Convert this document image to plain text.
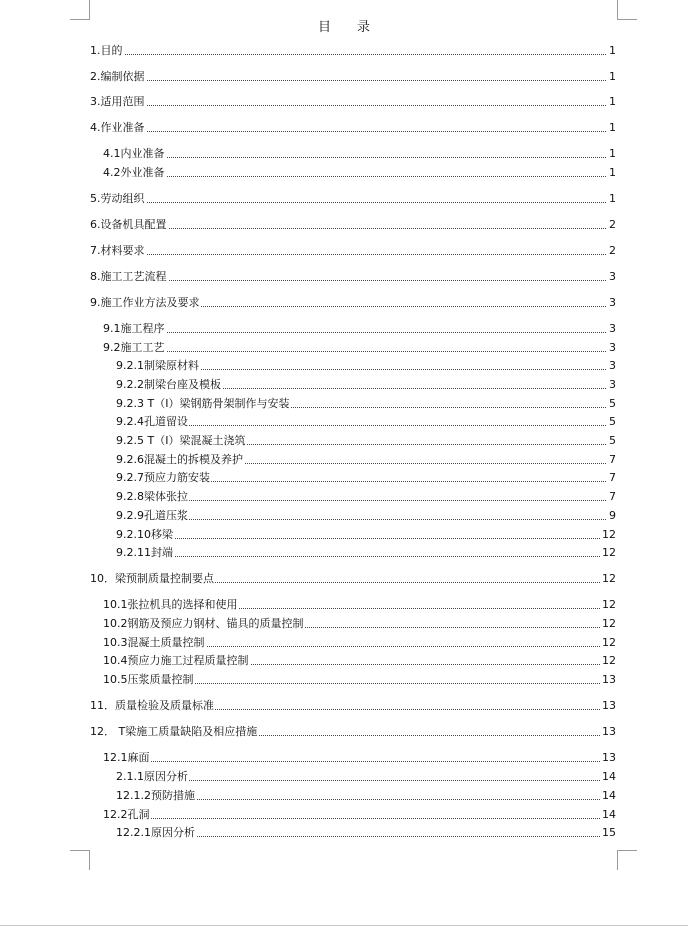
目　　录
1.目的	1
2.编制依据	1
3.适用范围	1
4.作业准备	1
4.1内业准备	1
4.2外业准备	1
5.劳动组织	1
6.设备机具配置	2
7.材料要求	2
8.施工工艺流程	3
9.施工作业方法及要求	3
9.1施工程序	3
9.2施工工艺	3
9.2.1制梁原材料	3
9.2.2制梁台座及模板	3
9.2.3 T（I）梁钢筋骨架制作与安装	5
9.2.4孔道留设	5
9.2.5 T（I）梁混凝土浇筑	5
9.2.6混凝土的拆模及养护	7
9.2.7预应力筋安装	7
9.2.8梁体张拉	7
9.2.9孔道压浆	9
9.2.10移梁	12
9.2.11封端	12
10．梁预制质量控制要点	12
10.1张拉机具的选择和使用	12
10.2钢筋及预应力钢材、锚具的质量控制	12
10.3混凝土质量控制	12
10.4预应力施工过程质量控制	12
10.5压浆质量控制	13
11．质量检验及质量标准	13
12． T梁施工质量缺陷及相应措施	13
12.1麻面	13
2.1.1原因分析	14
12.1.2预防措施	14
12.2孔洞	14
12.2.1原因分析	15
